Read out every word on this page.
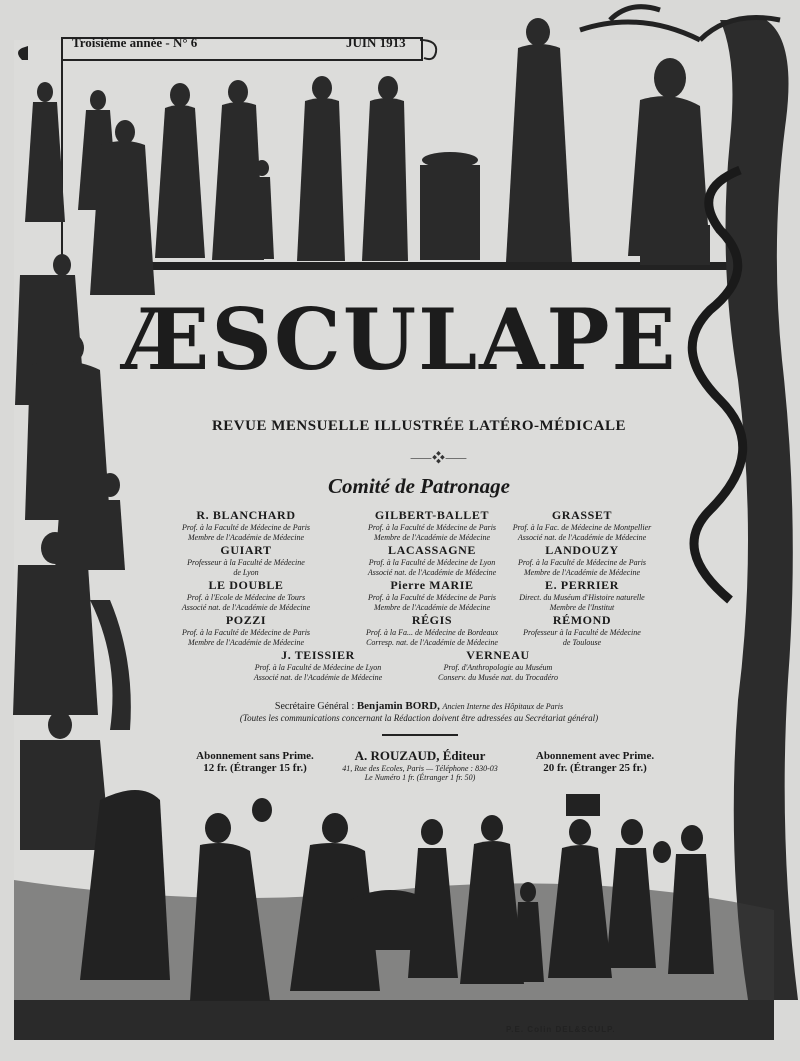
Troisième année - N° 6	JUIN 1913
ÆSCULAPE
REVUE MENSUELLE ILLUSTRÉE LATÉRO-MÉDICALE
⸺❖⸺
Comité de Patronage
R. BLANCHARD
Prof. à la Faculté de Médecine de Paris
Membre de l'Académie de Médecine
GILBERT-BALLET
Prof. à la Faculté de Médecine de Paris
Membre de l'Académie de Médecine
GRASSET
Prof. à la Fac. de Médecine de Montpellier
Associé nat. de l'Académie de Médecine
GUIART
Professeur à la Faculté de Médecine
de Lyon
LACASSAGNE
Prof. à la Faculté de Médecine de Lyon
Associé nat. de l'Académie de Médecine
LANDOUZY
Prof. à la Faculté de Médecine de Paris
Membre de l'Académie de Médecine
LE DOUBLE
Prof. à l'Ecole de Médecine de Tours
Associé nat. de l'Académie de Médecine
Pierre MARIE
Prof. à la Faculté de Médecine de Paris
Membre de l'Académie de Médecine
E. PERRIER
Direct. du Muséum d'Histoire naturelle
Membre de l'Institut
POZZI
Prof. à la Faculté de Médecine de Paris
Membre de l'Académie de Médecine
RÉGIS
Prof. à la Fa... de Médecine de Bordeaux
Corresp. nat. de l'Académie de Médecine
RÉMOND
Professeur à la Faculté de Médecine
de Toulouse
J. TEISSIER
Prof. à la Faculté de Médecine de Lyon
Associé nat. de l'Académie de Médecine
VERNEAU
Prof. d'Anthropologie au Muséum
Conserv. du Musée nat. du Trocadéro
Secrétaire Général : Benjamin BORD, Ancien Interne des Hôpitaux de Paris
(Toutes les communications concernant la Rédaction doivent être adressées au Secrétariat général)
Abonnement sans Prime.
12 fr. (Étranger 15 fr.)
A. ROUZAUD, Éditeur
41, Rue des Ecoles, Paris — Téléphone : 830-03
Le Numéro 1 fr. (Étranger 1 fr. 50)
Abonnement avec Prime.
20 fr. (Étranger 25 fr.)
P.E. Colin DEL&SCULP.
